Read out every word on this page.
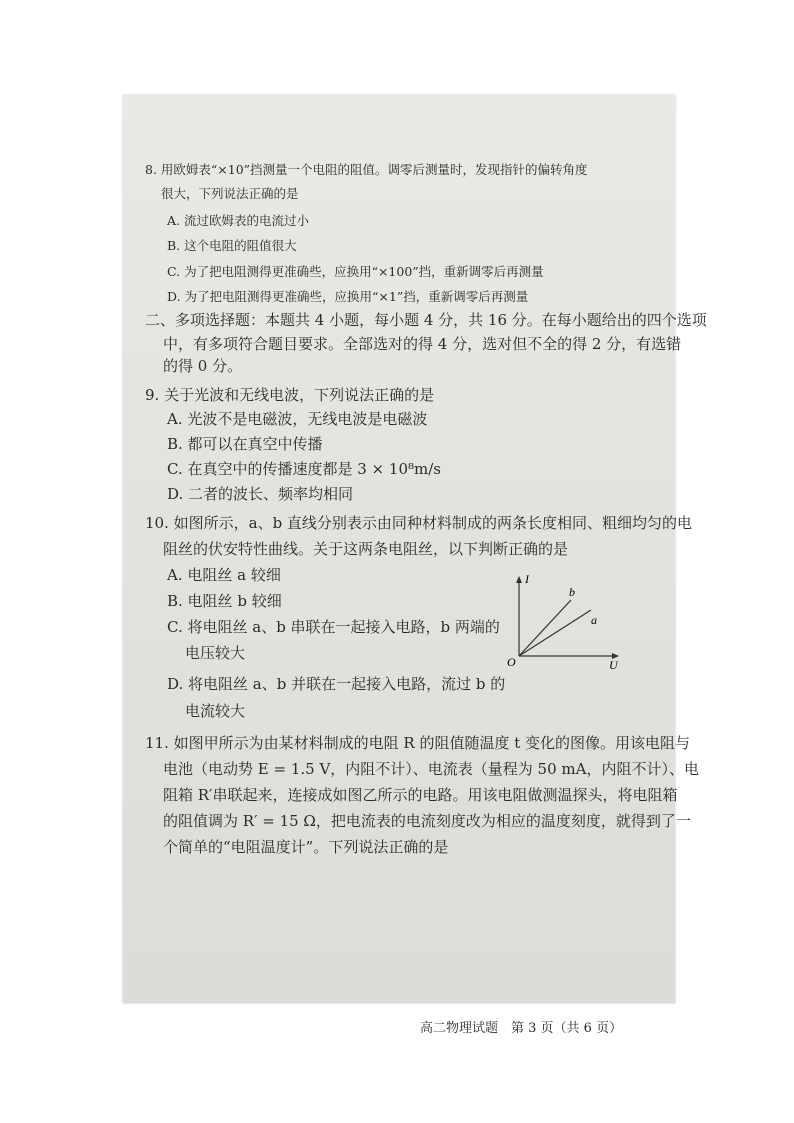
8. 用欧姆表“×10”挡测量一个电阻的阻值。调零后测量时，发现指针的偏转角度
很大，下列说法正确的是
A. 流过欧姆表的电流过小
B. 这个电阻的阻值很大
C. 为了把电阻测得更准确些，应换用“×100”挡，重新调零后再测量
D. 为了把电阻测得更准确些，应换用“×1”挡，重新调零后再测量
二、多项选择题：本题共 4 小题，每小题 4 分，共 16 分。在每小题给出的四个选项
中，有多项符合题目要求。全部选对的得 4 分，选对但不全的得 2 分，有选错
的得 0 分。
9. 关于光波和无线电波，下列说法正确的是
A. 光波不是电磁波，无线电波是电磁波
B. 都可以在真空中传播
C. 在真空中的传播速度都是 3 × 10⁸m/s
D. 二者的波长、频率均相同
10. 如图所示，a、b 直线分别表示由同种材料制成的两条长度相同、粗细均匀的电
阻丝的伏安特性曲线。关于这两条电阻丝，以下判断正确的是
A. 电阻丝 a 较细
B. 电阻丝 b 较细
C. 将电阻丝 a、b 串联在一起接入电路，b 两端的
电压较大
D. 将电阻丝 a、b 并联在一起接入电路，流过 b 的
电流较大
11. 如图甲所示为由某材料制成的电阻 R 的阻值随温度 t 变化的图像。用该电阻与
电池（电动势 E = 1.5 V，内阻不计）、电流表（量程为 50 mA，内阻不计）、电
阻箱 R′串联起来，连接成如图乙所示的电路。用该电阻做测温探头，将电阻箱
的阻值调为 R′ = 15 Ω，把电流表的电流刻度改为相应的温度刻度，就得到了一
个简单的“电阻温度计”。下列说法正确的是
高二物理试题　第 3 页（共 6 页）
I
U
O
b
a
